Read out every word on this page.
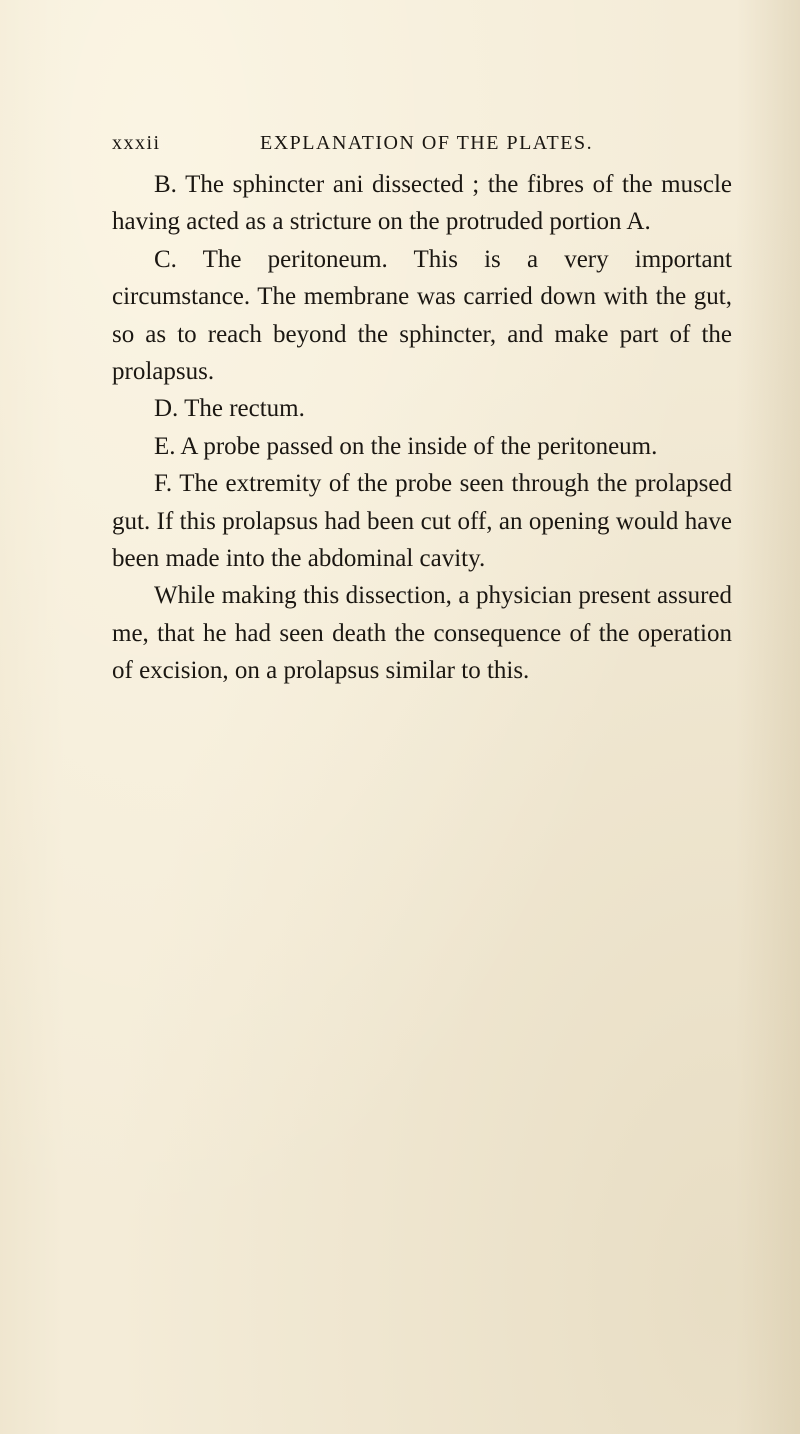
xxxii	EXPLANATION OF THE PLATES.

B. The sphincter ani dissected ; the fibres of the muscle having acted as a stricture on the protruded portion A.

C. The peritoneum. This is a very important circumstance. The membrane was carried down with the gut, so as to reach beyond the sphincter, and make part of the prolapsus.

D. The rectum.

E. A probe passed on the inside of the peritoneum.

F. The extremity of the probe seen through the prolapsed gut. If this prolapsus had been cut off, an opening would have been made into the abdominal cavity.

While making this dissection, a physician present assured me, that he had seen death the consequence of the operation of excision, on a prolapsus similar to this.
